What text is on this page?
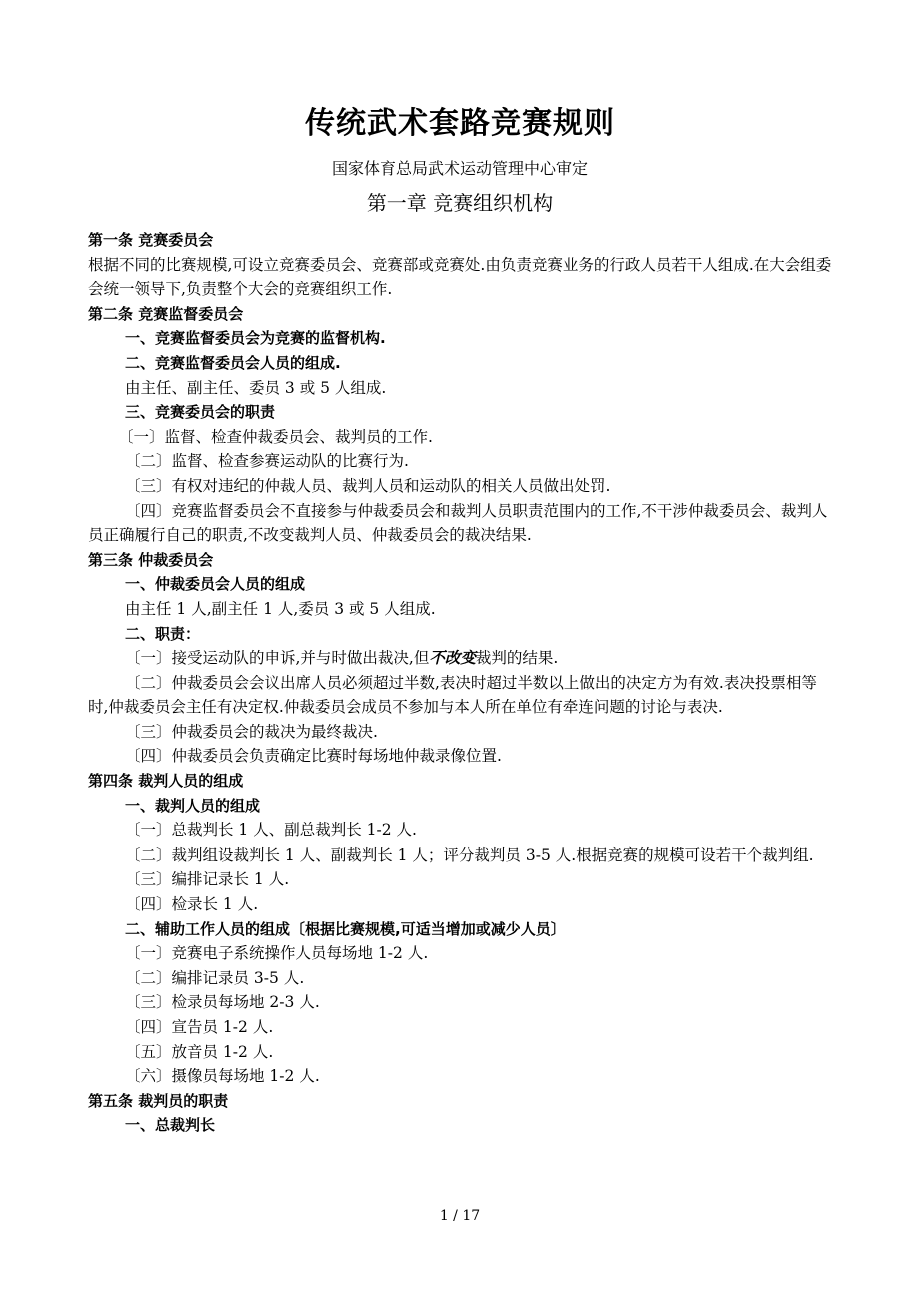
传统武术套路竞赛规则
国家体育总局武术运动管理中心审定
第一章 竞赛组织机构
第一条 竞赛委员会
根据不同的比赛规模,可设立竞赛委员会、竞赛部或竞赛处.由负责竞赛业务的行政人员若干人组成.在大会组委会统一领导下,负责整个大会的竞赛组织工作.
第二条 竞赛监督委员会
一、竞赛监督委员会为竞赛的监督机构.
二、竞赛监督委员会人员的组成.
由主任、副主任、委员 3 或 5 人组成.
三、竞赛委员会的职责
〔一〕监督、检查仲裁委员会、裁判员的工作.
〔二〕监督、检查参赛运动队的比赛行为.
〔三〕有权对违纪的仲裁人员、裁判人员和运动队的相关人员做出处罚.
〔四〕竞赛监督委员会不直接参与仲裁委员会和裁判人员职责范围内的工作,不干涉仲裁委员会、裁判人员正确履行自己的职责,不改变裁判人员、仲裁委员会的裁决结果.
第三条 仲裁委员会
一、仲裁委员会人员的组成
由主任 1 人,副主任 1 人,委员 3 或 5 人组成.
二、职责：
〔一〕接受运动队的申诉,并与时做出裁决,但不改变裁判的结果.
〔二〕仲裁委员会会议出席人员必须超过半数,表决时超过半数以上做出的决定方为有效.表决投票相等时,仲裁委员会主任有决定权.仲裁委员会成员不参加与本人所在单位有牵连问题的讨论与表决.
〔三〕仲裁委员会的裁决为最终裁决.
〔四〕仲裁委员会负责确定比赛时每场地仲裁录像位置.
第四条 裁判人员的组成
一、裁判人员的组成
〔一〕总裁判长 1 人、副总裁判长 1-2 人.
〔二〕裁判组设裁判长 1 人、副裁判长 1 人；评分裁判员 3-5 人.根据竞赛的规模可设若干个裁判组.
〔三〕编排记录长 1 人.
〔四〕检录长 1 人.
二、辅助工作人员的组成〔根据比赛规模,可适当增加或减少人员〕
〔一〕竞赛电子系统操作人员每场地 1-2 人.
〔二〕编排记录员 3-5 人.
〔三〕检录员每场地 2-3 人.
〔四〕宣告员 1-2 人.
〔五〕放音员 1-2 人.
〔六〕摄像员每场地 1-2 人.
第五条 裁判员的职责
一、总裁判长
1 / 17
